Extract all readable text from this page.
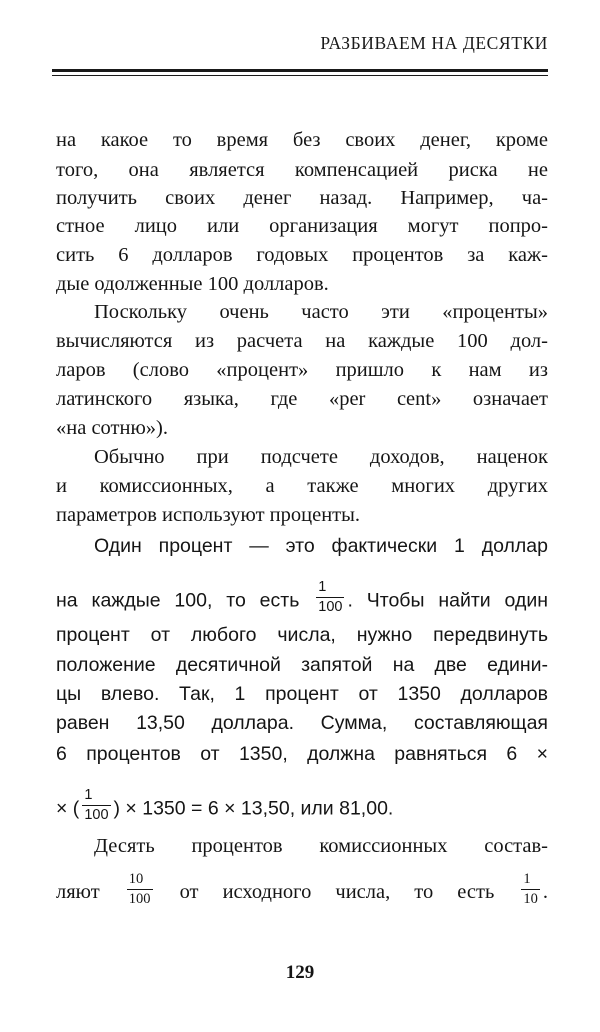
РАЗБИВАЕМ НА ДЕСЯТКИ
на какое то время без своих денег, кроме
того, она является компенсацией риска не
получить своих денег назад. Например, ча-
стное лицо или организация могут попро-
сить 6 долларов годовых процентов за каж-
дые одолженные 100 долларов.
Поскольку очень часто эти «проценты»
вычисляются из расчета на каждые 100 дол-
ларов (слово «процент» пришло к нам из
латинского языка, где «per cent» означает
«на сотню»).
Обычно при подсчете доходов, наценок
и комиссионных, а также многих других
параметров используют проценты.
Один процент — это фактически 1 доллар
на каждые 100, то есть $\frac{1}{100}$ . Чтобы найти один
процент от любого числа, нужно передвинуть
положение десятичной запятой на две едини-
цы влево. Так, 1 процент от 1350 долларов
равен 13,50 доллара. Сумма, составляющая
6 процентов от 1350, должна равняться 6 ×
× ( $\frac{1}{100}$ ) × 1350 = 6 × 13,50, или 81,00.
Десять процентов комиссионных состав-
ляют $\frac{10}{100}$ от исходного числа, то есть $\frac{1}{10}$ .
129
